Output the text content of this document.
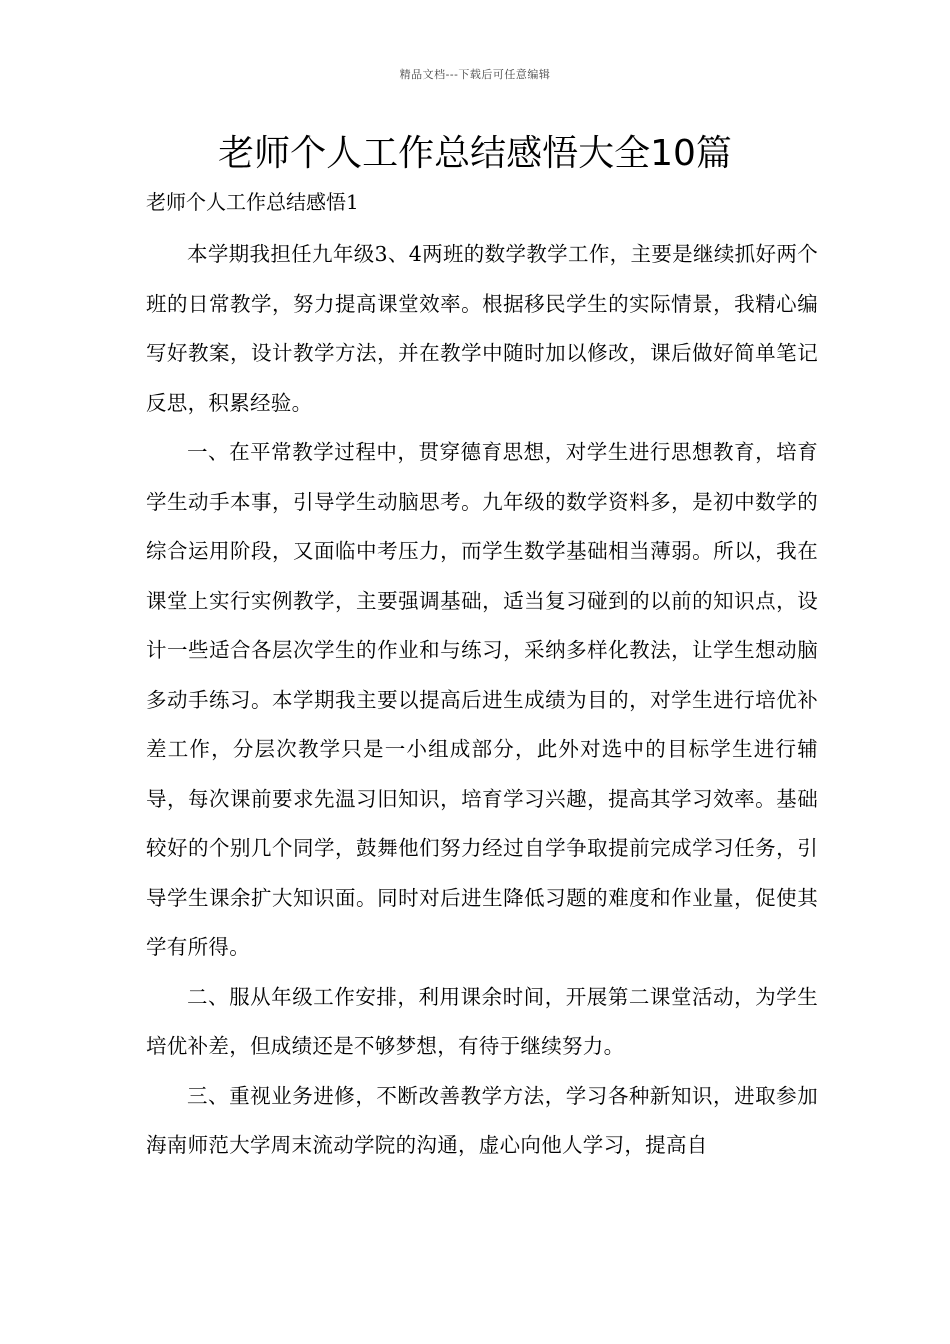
精品文档---下载后可任意编辑
老师个人工作总结感悟大全10篇

老师个人工作总结感悟1

本学期我担任九年级3、4两班的数学教学工作，主要是继续抓好两个班的日常教学，努力提高课堂效率。根据移民学生的实际情景，我精心编写好教案，设计教学方法，并在教学中随时加以修改，课后做好简单笔记反思，积累经验。

一、在平常教学过程中，贯穿德育思想，对学生进行思想教育，培育学生动手本事，引导学生动脑思考。九年级的数学资料多，是初中数学的综合运用阶段，又面临中考压力，而学生数学基础相当薄弱。所以，我在课堂上实行实例教学，主要强调基础，适当复习碰到的以前的知识点，设计一些适合各层次学生的作业和与练习，采纳多样化教法，让学生想动脑多动手练习。本学期我主要以提高后进生成绩为目的，对学生进行培优补差工作，分层次教学只是一小组成部分，此外对选中的目标学生进行辅导，每次课前要求先温习旧知识，培育学习兴趣，提高其学习效率。基础较好的个别几个同学，鼓舞他们努力经过自学争取提前完成学习任务，引导学生课余扩大知识面。同时对后进生降低习题的难度和作业量，促使其学有所得。

二、服从年级工作安排，利用课余时间，开展第二课堂活动，为学生培优补差，但成绩还是不够梦想，有待于继续努力。

三、重视业务进修，不断改善教学方法，学习各种新知识，进取参加海南师范大学周末流动学院的沟通，虚心向他人学习，提高自
